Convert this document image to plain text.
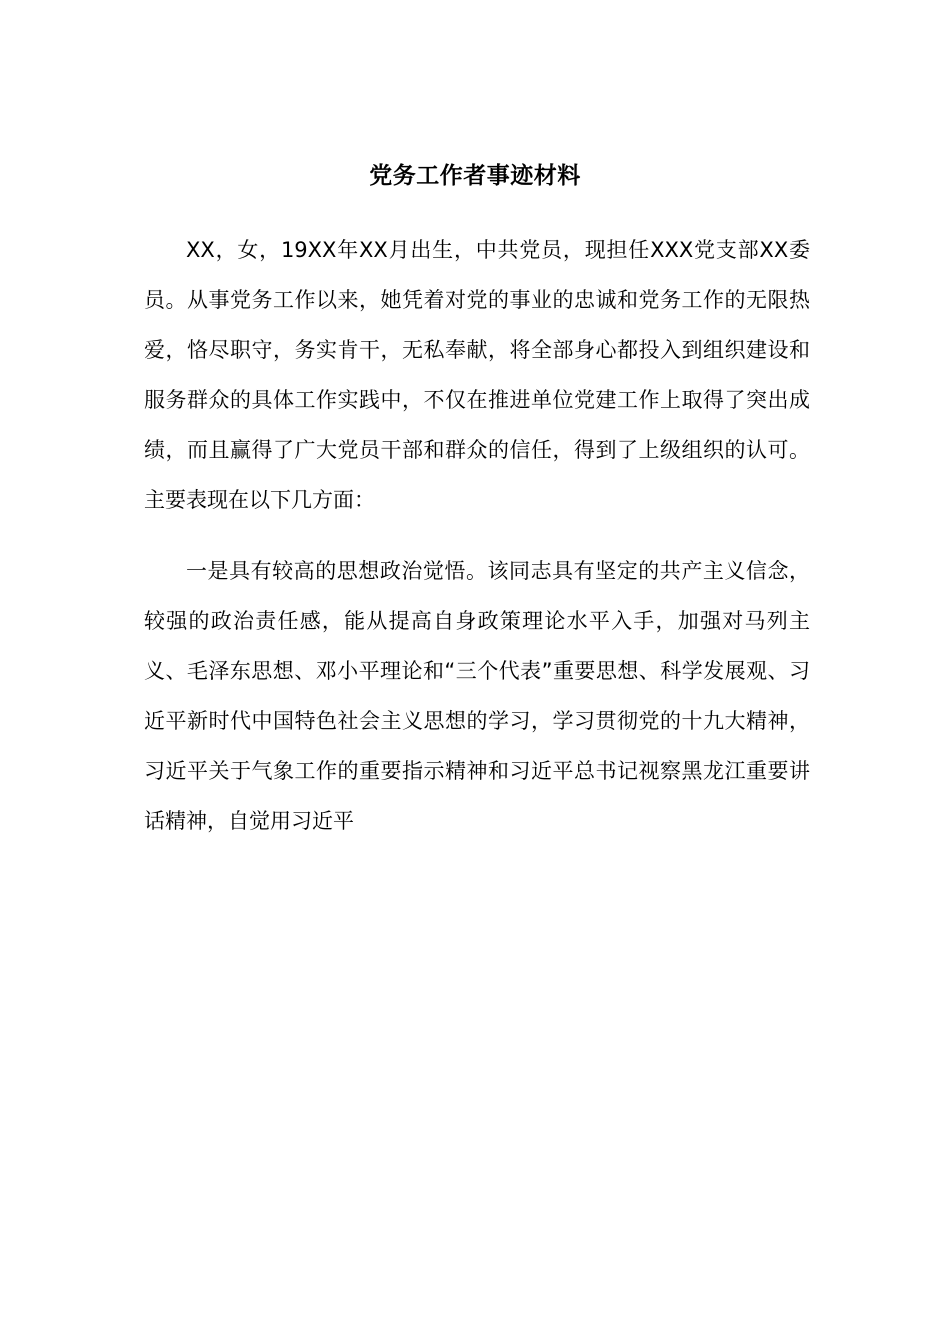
党务工作者事迹材料

XX，女，19XX年XX月出生，中共党员，现担任XXX党支部XX委员。从事党务工作以来，她凭着对党的事业的忠诚和党务工作的无限热爱，恪尽职守，务实肯干，无私奉献，将全部身心都投入到组织建设和服务群众的具体工作实践中，不仅在推进单位党建工作上取得了突出成绩，而且赢得了广大党员干部和群众的信任，得到了上级组织的认可。主要表现在以下几方面：

一是具有较高的思想政治觉悟。该同志具有坚定的共产主义信念，较强的政治责任感，能从提高自身政策理论水平入手，加强对马列主义、毛泽东思想、邓小平理论和“三个代表”重要思想、科学发展观、习近平新时代中国特色社会主义思想的学习，学习贯彻党的十九大精神，习近平关于气象工作的重要指示精神和习近平总书记视察黑龙江重要讲话精神，自觉用习近平
